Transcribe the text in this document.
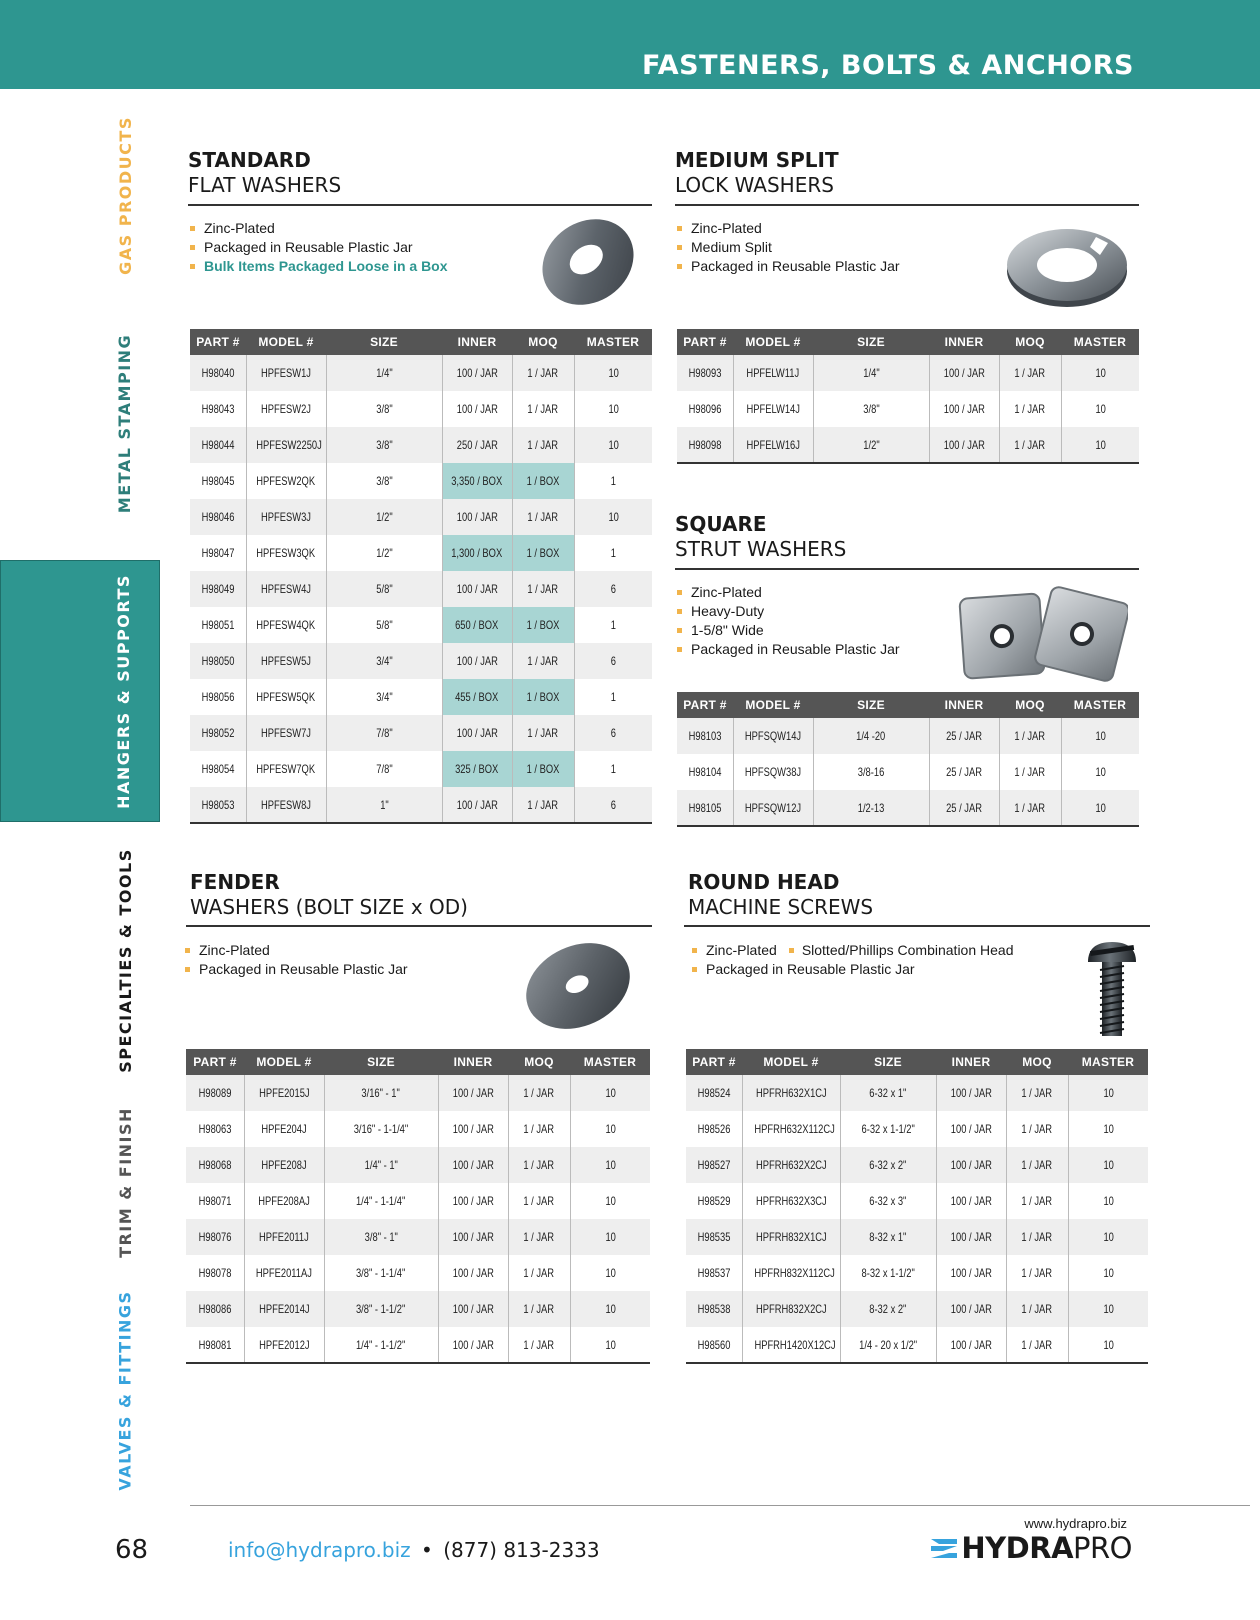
FASTENERS, BOLTS & ANCHORS
GAS PRODUCTS
METAL STAMPING
HANGERS & SUPPORTS
SPECIALTIES & TOOLS
TRIM & FINISH
VALVES & FITTINGS
STANDARD
FLAT WASHERS
Zinc-Plated
Packaged in Reusable Plastic Jar
Bulk Items Packaged Loose in a Box
PART #	MODEL #	SIZE	INNER	MOQ	MASTER
H98040	HPFESW1J	1/4"	100 / JAR	1 / JAR	10
H98043	HPFESW2J	3/8"	100 / JAR	1 / JAR	10
H98044	HPFESW2250J	3/8"	250 / JAR	1 / JAR	10
H98045	HPFESW2QK	3/8"	3,350 / BOX	1 / BOX	1
H98046	HPFESW3J	1/2"	100 / JAR	1 / JAR	10
H98047	HPFESW3QK	1/2"	1,300 / BOX	1 / BOX	1
H98049	HPFESW4J	5/8"	100 / JAR	1 / JAR	6
H98051	HPFESW4QK	5/8"	650 / BOX	1 / BOX	1
H98050	HPFESW5J	3/4"	100 / JAR	1 / JAR	6
H98056	HPFESW5QK	3/4"	455 / BOX	1 / BOX	1
H98052	HPFESW7J	7/8"	100 / JAR	1 / JAR	6
H98054	HPFESW7QK	7/8"	325 / BOX	1 / BOX	1
H98053	HPFESW8J	1"	100 / JAR	1 / JAR	6
MEDIUM SPLIT
LOCK WASHERS
Zinc-Plated
Medium Split
Packaged in Reusable Plastic Jar
PART #	MODEL #	SIZE	INNER	MOQ	MASTER
H98093	HPFELW11J	1/4"	100 / JAR	1 / JAR	10
H98096	HPFELW14J	3/8"	100 / JAR	1 / JAR	10
H98098	HPFELW16J	1/2"	100 / JAR	1 / JAR	10
SQUARE
STRUT WASHERS
Zinc-Plated
Heavy-Duty
1-5/8" Wide
Packaged in Reusable Plastic Jar
PART #	MODEL #	SIZE	INNER	MOQ	MASTER
H98103	HPFSQW14J	1/4 -20	25 / JAR	1 / JAR	10
H98104	HPFSQW38J	3/8-16	25 / JAR	1 / JAR	10
H98105	HPFSQW12J	1/2-13	25 / JAR	1 / JAR	10
FENDER
WASHERS (BOLT SIZE x OD)
Zinc-Plated
Packaged in Reusable Plastic Jar
PART #	MODEL #	SIZE	INNER	MOQ	MASTER
H98089	HPFE2015J	3/16" - 1"	100 / JAR	1 / JAR	10
H98063	HPFE204J	3/16" - 1-1/4"	100 / JAR	1 / JAR	10
H98068	HPFE208J	1/4" - 1"	100 / JAR	1 / JAR	10
H98071	HPFE208AJ	1/4" - 1-1/4"	100 / JAR	1 / JAR	10
H98076	HPFE2011J	3/8" - 1"	100 / JAR	1 / JAR	10
H98078	HPFE2011AJ	3/8" - 1-1/4"	100 / JAR	1 / JAR	10
H98086	HPFE2014J	3/8" - 1-1/2"	100 / JAR	1 / JAR	10
H98081	HPFE2012J	1/4" - 1-1/2"	100 / JAR	1 / JAR	10
ROUND HEAD
MACHINE SCREWS
Zinc-Plated Slotted/Phillips Combination Head
Packaged in Reusable Plastic Jar
PART #	MODEL #	SIZE	INNER	MOQ	MASTER
H98524	HPFRH632X1CJ	6-32 x 1"	100 / JAR	1 / JAR	10
H98526	HPFRH632X112CJ	6-32 x 1-1/2"	100 / JAR	1 / JAR	10
H98527	HPFRH632X2CJ	6-32 x 2"	100 / JAR	1 / JAR	10
H98529	HPFRH632X3CJ	6-32 x 3"	100 / JAR	1 / JAR	10
H98535	HPFRH832X1CJ	8-32 x 1"	100 / JAR	1 / JAR	10
H98537	HPFRH832X112CJ	8-32 x 1-1/2"	100 / JAR	1 / JAR	10
H98538	HPFRH832X2CJ	8-32 x 2"	100 / JAR	1 / JAR	10
H98560	HPFRH1420X12CJ	1/4 - 20 x 1/2"	100 / JAR	1 / JAR	10
68	info@hydrapro.biz • (877) 813-2333
www.hydrapro.biz
HYDRAPRO
